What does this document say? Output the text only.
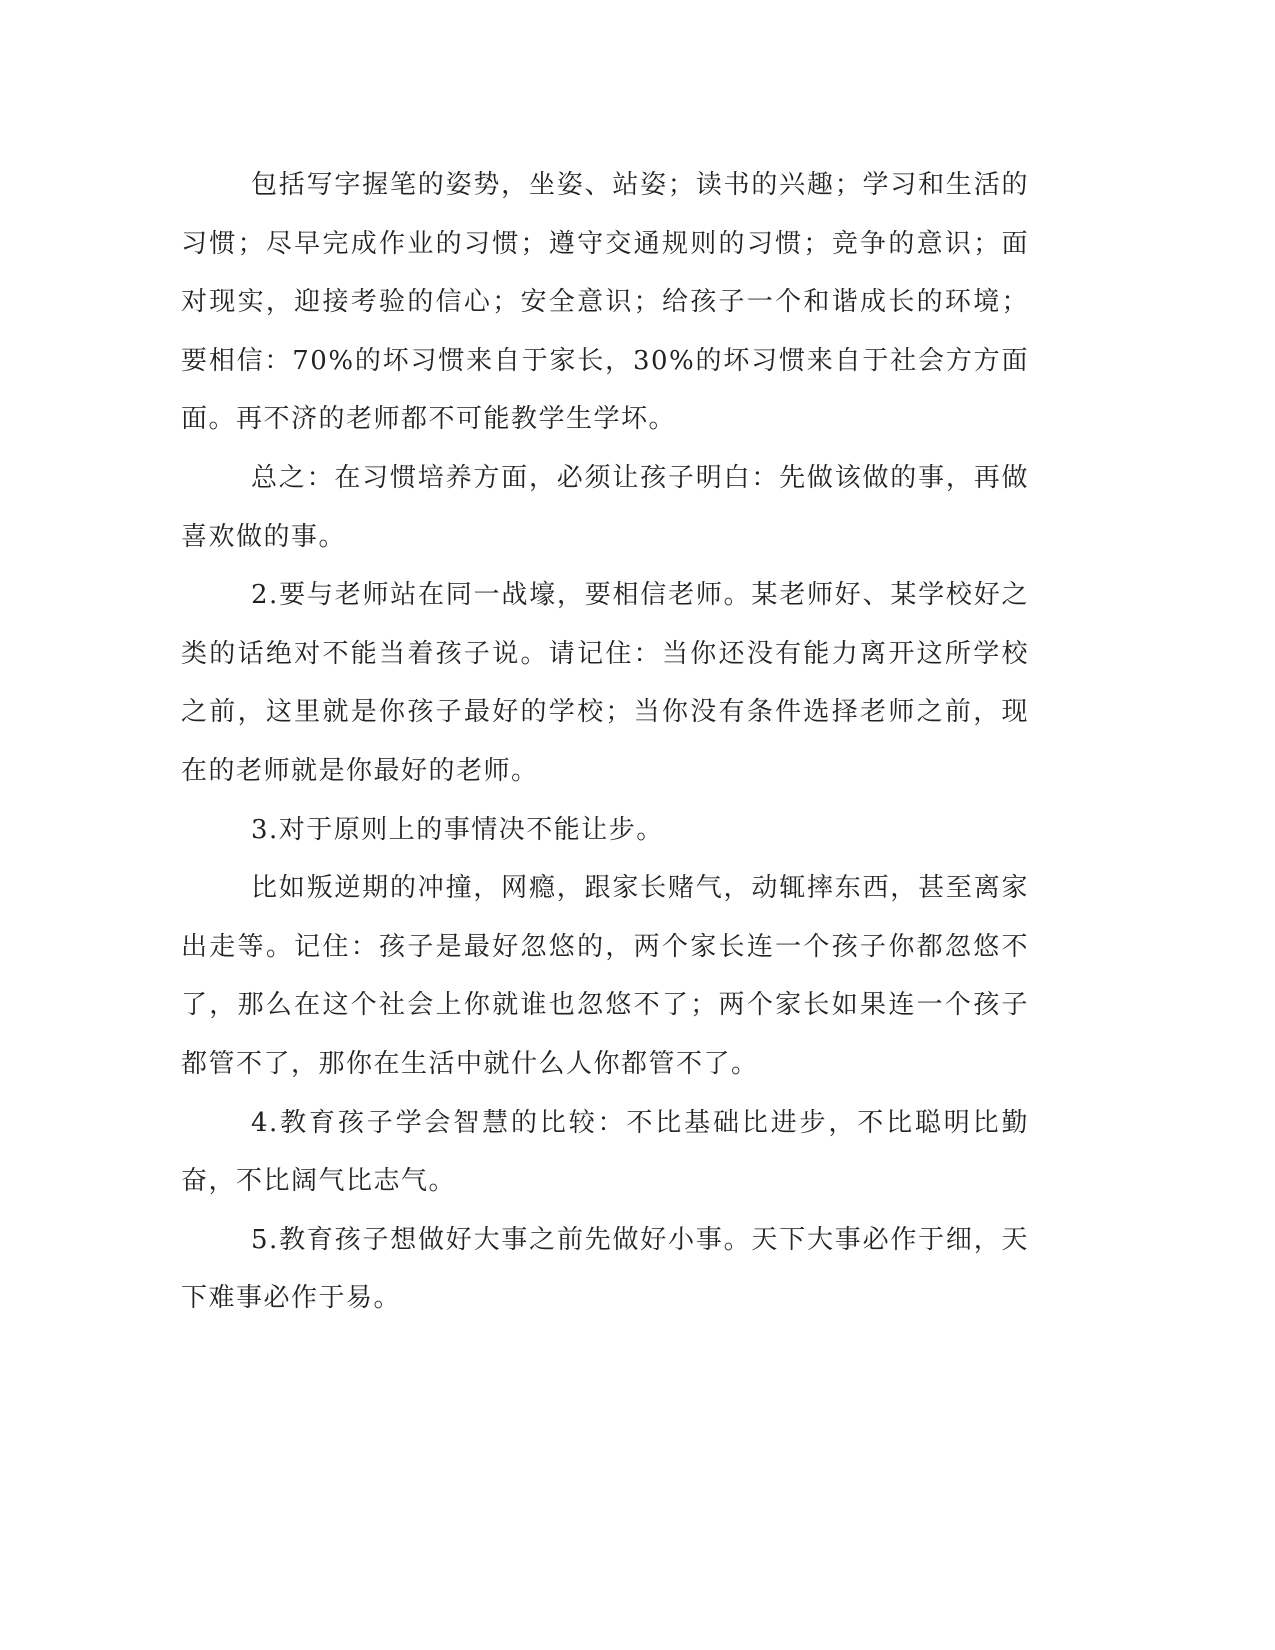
包括写字握笔的姿势，坐姿、站姿；读书的兴趣；学习和生活的习惯；尽早完成作业的习惯；遵守交通规则的习惯；竞争的意识；面对现实，迎接考验的信心；安全意识；给孩子一个和谐成长的环境；要相信：70%的坏习惯来自于家长，30%的坏习惯来自于社会方方面面。再不济的老师都不可能教学生学坏。

总之：在习惯培养方面，必须让孩子明白：先做该做的事，再做喜欢做的事。

2.要与老师站在同一战壕，要相信老师。某老师好、某学校好之类的话绝对不能当着孩子说。请记住：当你还没有能力离开这所学校之前，这里就是你孩子最好的学校；当你没有条件选择老师之前，现在的老师就是你最好的老师。

3.对于原则上的事情决不能让步。

比如叛逆期的冲撞，网瘾，跟家长赌气，动辄摔东西，甚至离家出走等。记住：孩子是最好忽悠的，两个家长连一个孩子你都忽悠不了，那么在这个社会上你就谁也忽悠不了；两个家长如果连一个孩子都管不了，那你在生活中就什么人你都管不了。

4.教育孩子学会智慧的比较：不比基础比进步，不比聪明比勤奋，不比阔气比志气。

5.教育孩子想做好大事之前先做好小事。天下大事必作于细，天下难事必作于易。
